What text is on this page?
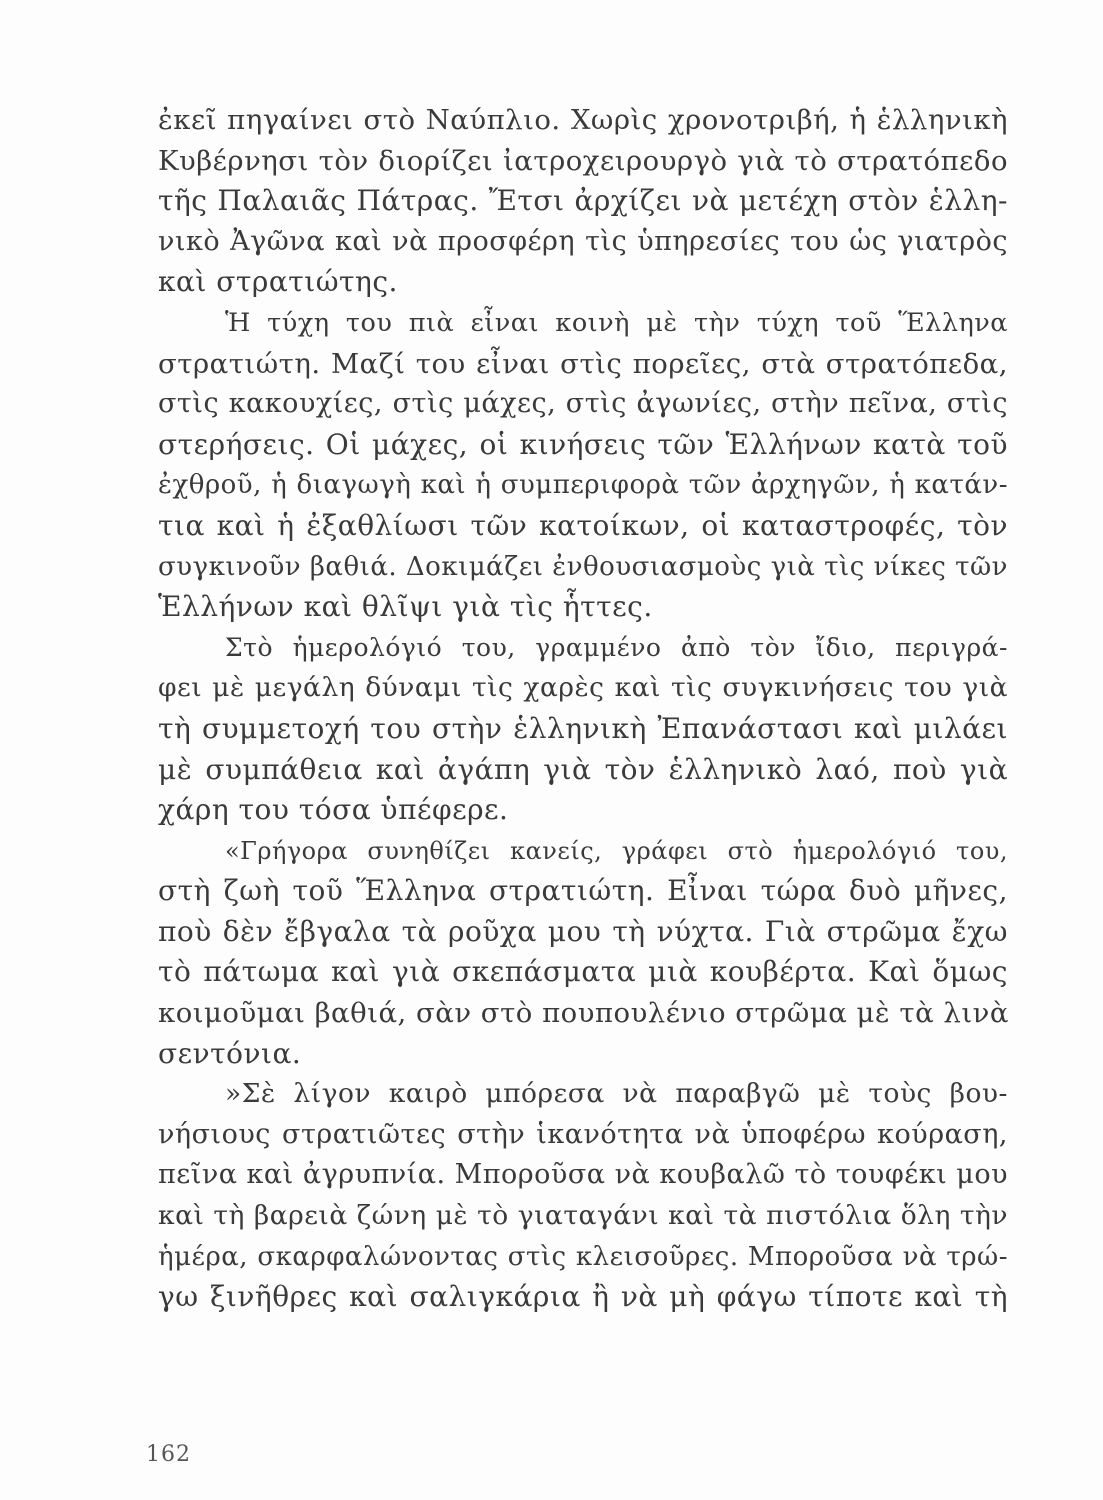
ἐκεῖ πηγαίνει στὸ Ναύπλιο. Χωρὶς χρονοτριβή, ἡ ἑλληνικὴ
Κυβέρνησι τὸν διορίζει ἰατροχειρουργὸ γιὰ τὸ στρατόπεδο
τῆς Παλαιᾶς Πάτρας. Ἔτσι ἀρχίζει νὰ μετέχη στὸν ἑλλη-
νικὸ Ἀγῶνα καὶ νὰ προσφέρη τὶς ὑπηρεσίες του ὡς γιατρὸς
καὶ στρατιώτης.
Ἡ τύχη του πιὰ εἶναι κοινὴ μὲ τὴν τύχη τοῦ Ἕλληνα
στρατιώτη. Μαζί του εἶναι στὶς πορεῖες, στὰ στρατόπεδα,
στὶς κακουχίες, στὶς μάχες, στὶς ἀγωνίες, στὴν πεῖνα, στὶς
στερήσεις. Οἱ μάχες, οἱ κινήσεις τῶν Ἑλλήνων κατὰ τοῦ
ἐχθροῦ, ἡ διαγωγὴ καὶ ἡ συμπεριφορὰ τῶν ἀρχηγῶν, ἡ κατάν-
τια καὶ ἡ ἐξαθλίωσι τῶν κατοίκων, οἱ καταστροφές, τὸν
συγκινοῦν βαθιά. Δοκιμάζει ἐνθουσιασμοὺς γιὰ τὶς νίκες τῶν
Ἑλλήνων καὶ θλῖψι γιὰ τὶς ἧττες.
Στὸ ἡμερολόγιό του, γραμμένο ἀπὸ τὸν ἴδιο, περιγρά-
φει μὲ μεγάλη δύναμι τὶς χαρὲς καὶ τὶς συγκινήσεις του γιὰ
τὴ συμμετοχή του στὴν ἑλληνικὴ Ἐπανάστασι καὶ μιλάει
μὲ συμπάθεια καὶ ἀγάπη γιὰ τὸν ἑλληνικὸ λαό, ποὺ γιὰ
χάρη του τόσα ὑπέφερε.
«Γρήγορα συνηθίζει κανείς, γράφει στὸ ἡμερολόγιό του,
στὴ ζωὴ τοῦ Ἕλληνα στρατιώτη. Εἶναι τώρα δυὸ μῆνες,
ποὺ δὲν ἔβγαλα τὰ ροῦχα μου τὴ νύχτα. Γιὰ στρῶμα ἔχω
τὸ πάτωμα καὶ γιὰ σκεπάσματα μιὰ κουβέρτα. Καὶ ὅμως
κοιμοῦμαι βαθιά, σὰν στὸ πουπουλένιο στρῶμα μὲ τὰ λινὰ
σεντόνια.
»Σὲ λίγον καιρὸ μπόρεσα νὰ παραβγῶ μὲ τοὺς βου-
νήσιους στρατιῶτες στὴν ἱκανότητα νὰ ὑποφέρω κούραση,
πεῖνα καὶ ἀγρυπνία. Μποροῦσα νὰ κουβαλῶ τὸ τουφέκι μου
καὶ τὴ βαρειὰ ζώνη μὲ τὸ γιαταγάνι καὶ τὰ πιστόλια ὅλη τὴν
ἡμέρα, σκαρφαλώνοντας στὶς κλεισοῦρες. Μποροῦσα νὰ τρώ-
γω ξινῆθρες καὶ σαλιγκάρια ἢ νὰ μὴ φάγω τίποτε καὶ τὴ
162
